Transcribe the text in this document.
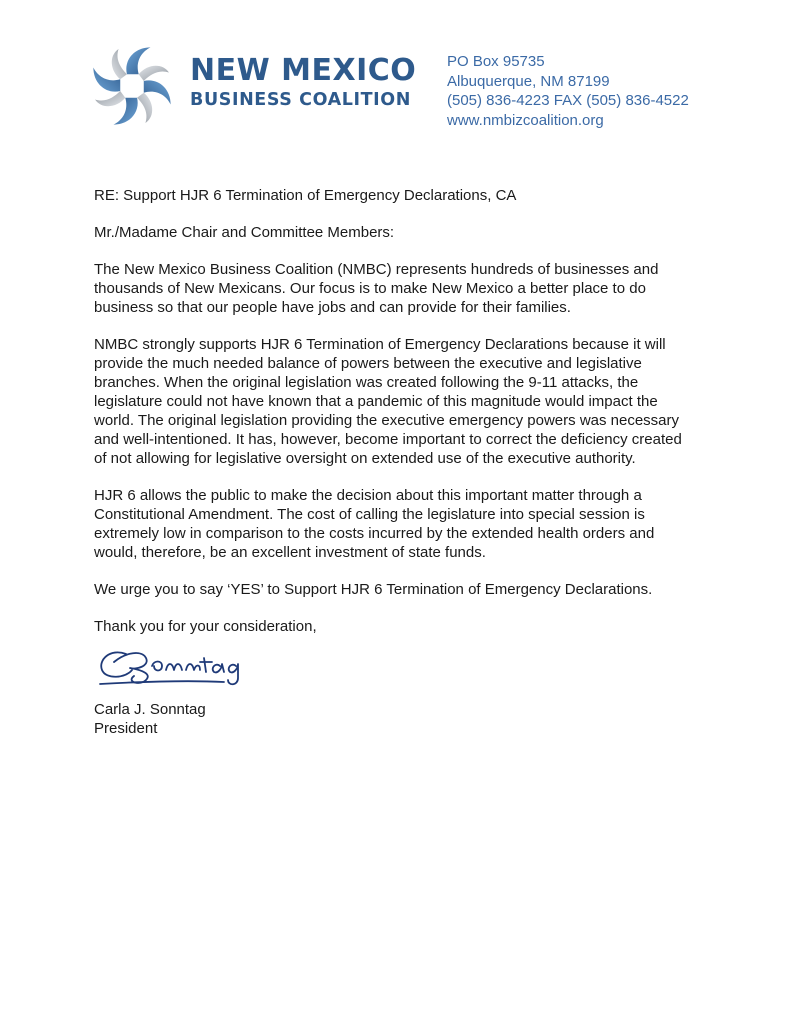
NEW MEXICO
BUSINESS COALITION
PO Box 95735
Albuquerque, NM 87199
(505) 836-4223 FAX (505) 836-4522
www.nmbizcoalition.org

RE: Support HJR 6 Termination of Emergency Declarations, CA

Mr./Madame Chair and Committee Members:

The New Mexico Business Coalition (NMBC) represents hundreds of businesses and thousands of New Mexicans. Our focus is to make New Mexico a better place to do business so that our people have jobs and can provide for their families.

NMBC strongly supports HJR 6 Termination of Emergency Declarations because it will provide the much needed balance of powers between the executive and legislative branches. When the original legislation was created following the 9-11 attacks, the legislature could not have known that a pandemic of this magnitude would impact the world. The original legislation providing the executive emergency powers was necessary and well-intentioned. It has, however, become important to correct the deficiency created of not allowing for legislative oversight on extended use of the executive authority.

HJR 6 allows the public to make the decision about this important matter through a Constitutional Amendment. The cost of calling the legislature into special session is extremely low in comparison to the costs incurred by the extended health orders and would, therefore, be an excellent investment of state funds.

We urge you to say ‘YES’ to Support HJR 6 Termination of Emergency Declarations.

Thank you for your consideration,

Carla J. Sonntag
President
